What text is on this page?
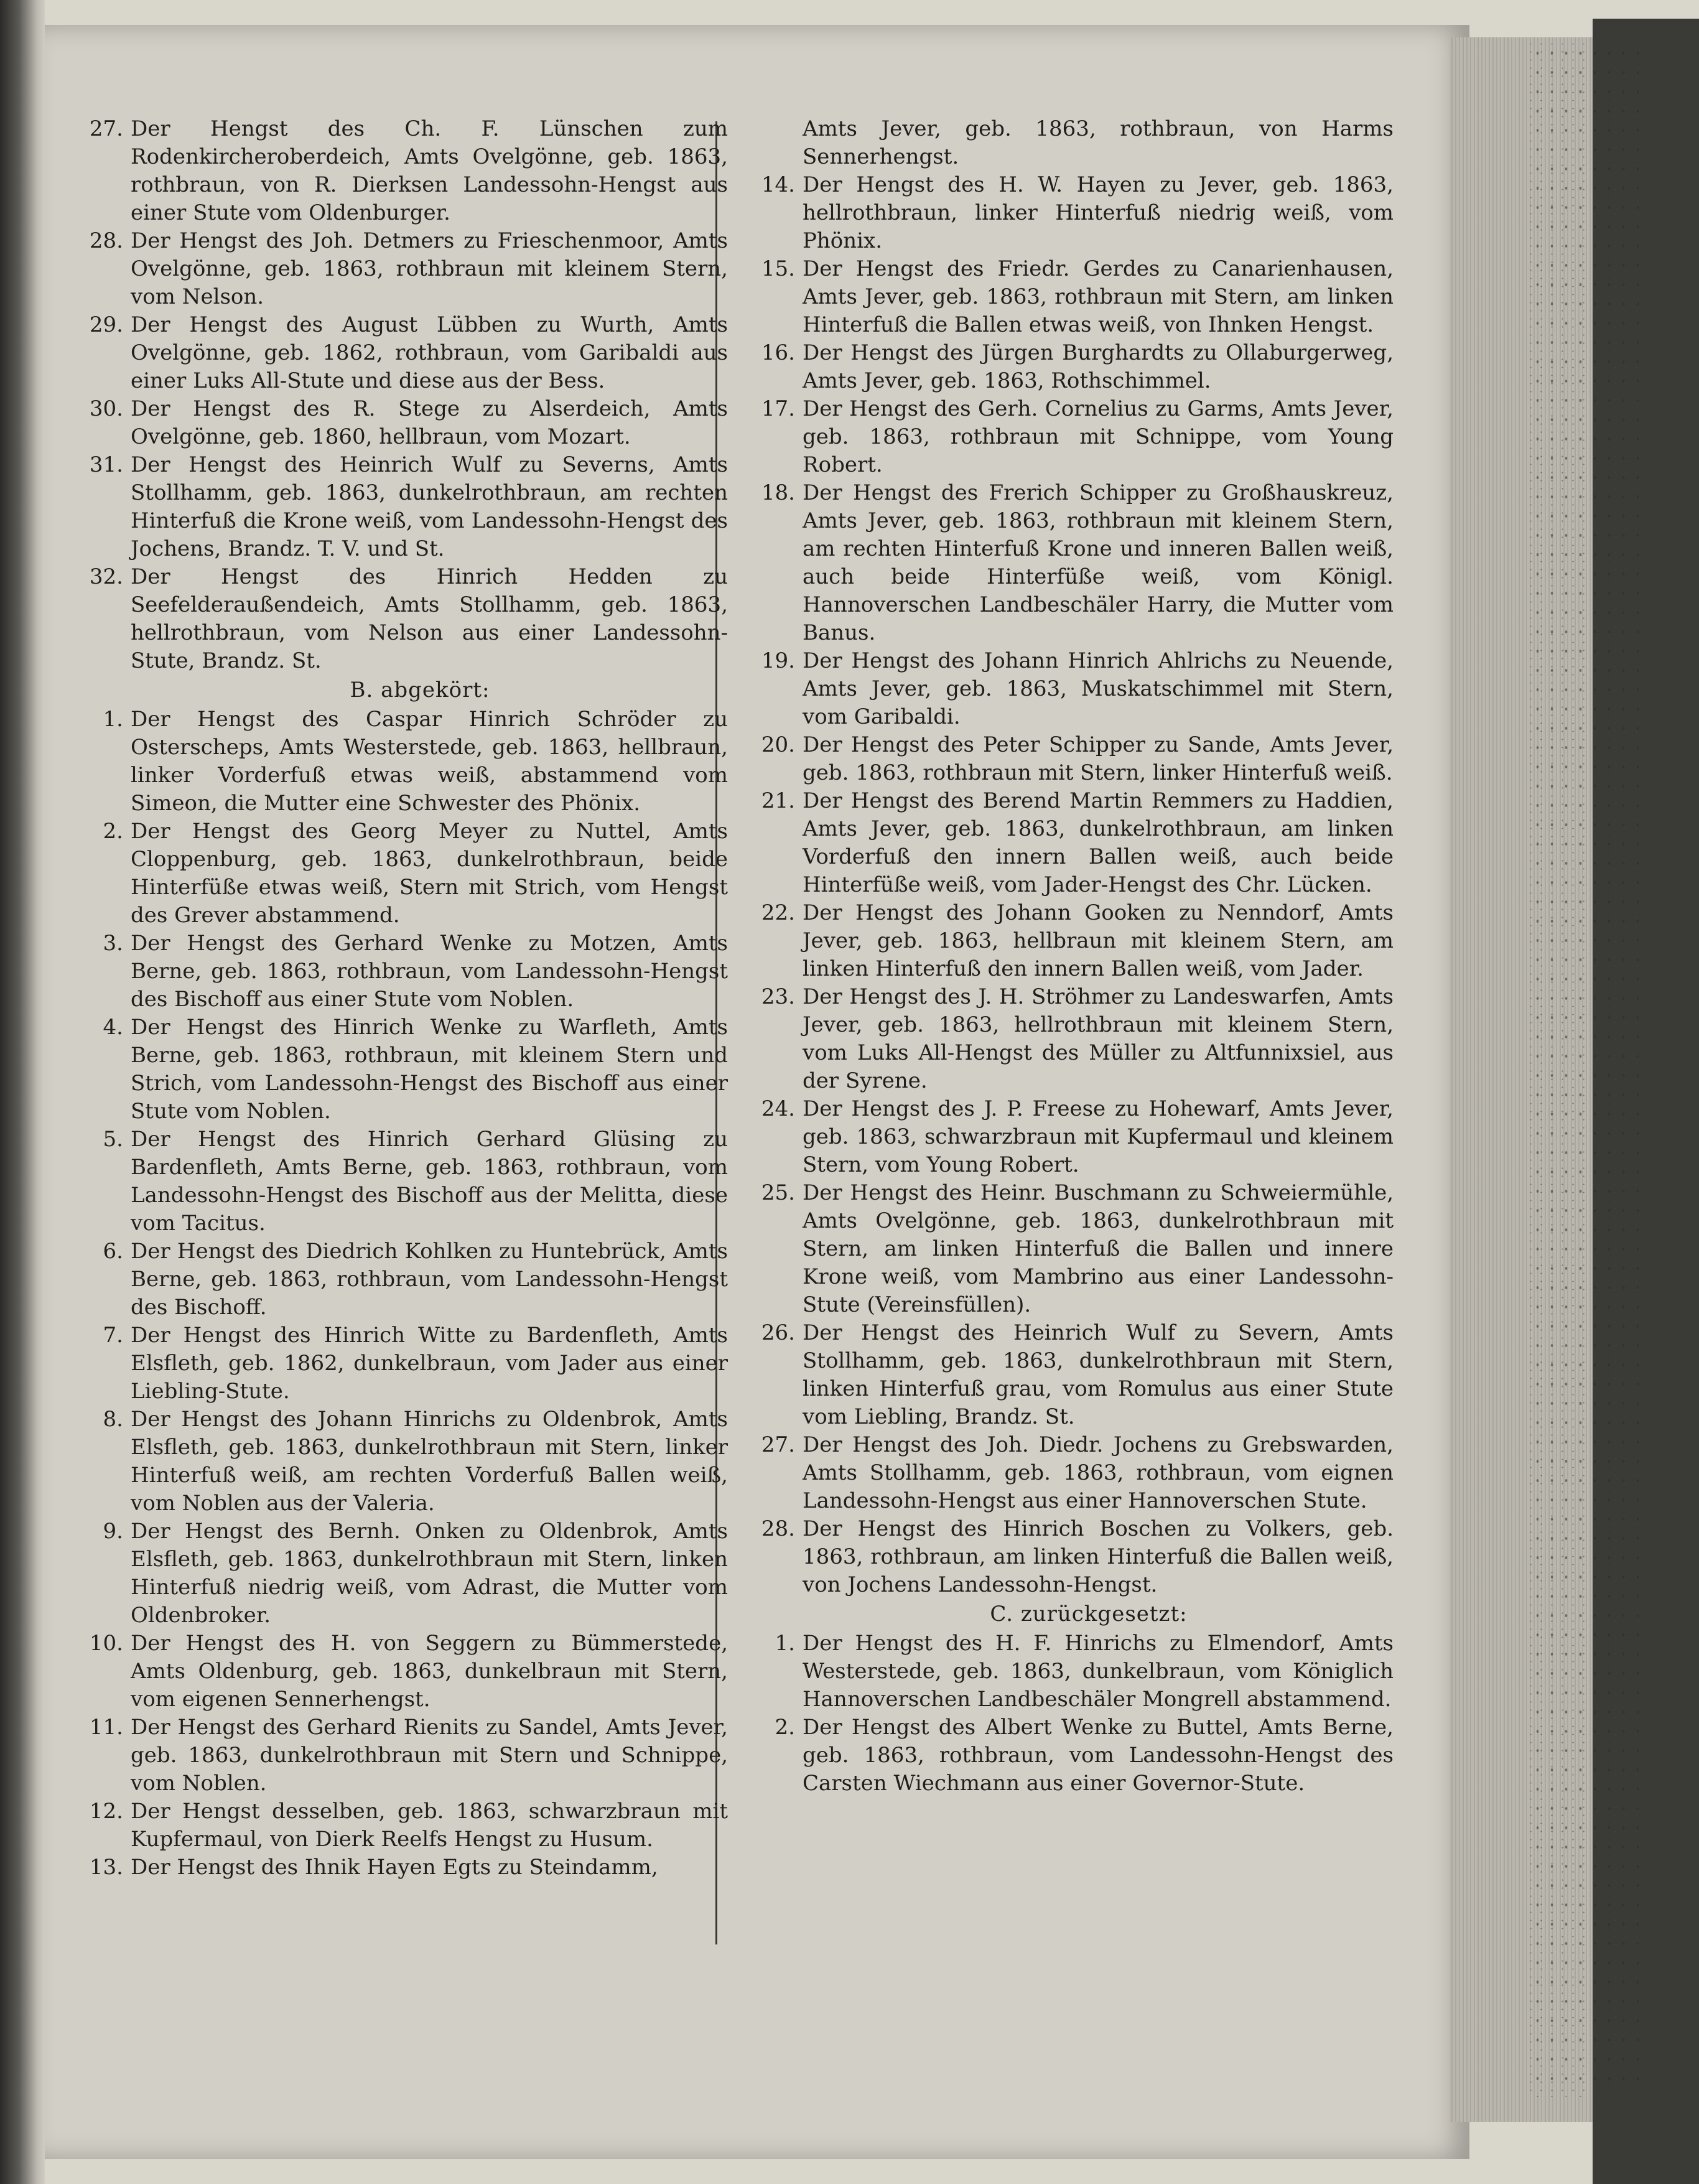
27. Der Hengst des Ch. F. Lünschen zum Rodenkircheroberdeich, Amts Ovelgönne, geb. 1863, rothbraun, von R. Dierksen Landessohn-Hengst aus einer Stute vom Oldenburger.
28. Der Hengst des Joh. Detmers zu Frieschenmoor, Amts Ovelgönne, geb. 1863, rothbraun mit kleinem Stern, vom Nelson.
29. Der Hengst des August Lübben zu Wurth, Amts Ovelgönne, geb. 1862, rothbraun, vom Garibaldi aus einer Luks All-Stute und diese aus der Bess.
30. Der Hengst des R. Stege zu Alserdeich, Amts Ovelgönne, geb. 1860, hellbraun, vom Mozart.
31. Der Hengst des Heinrich Wulf zu Severns, Amts Stollhamm, geb. 1863, dunkelrothbraun, am rechten Hinterfuß die Krone weiß, vom Landessohn-Hengst des Jochens, Brandz. T. V. und St.
32. Der Hengst des Hinrich Hedden zu Seefelderaußendeich, Amts Stollhamm, geb. 1863, hellrothbraun, vom Nelson aus einer Landessohn-Stute, Brandz. St.
B. abgekört:
1. Der Hengst des Caspar Hinrich Schröder zu Osterscheps, Amts Westerstede, geb. 1863, hellbraun, linker Vorderfuß etwas weiß, abstammend vom Simeon, die Mutter eine Schwester des Phönix.
2. Der Hengst des Georg Meyer zu Nuttel, Amts Cloppenburg, geb. 1863, dunkelrothbraun, beide Hinterfüße etwas weiß, Stern mit Strich, vom Hengst des Grever abstammend.
3. Der Hengst des Gerhard Wenke zu Motzen, Amts Berne, geb. 1863, rothbraun, vom Landessohn-Hengst des Bischoff aus einer Stute vom Noblen.
4. Der Hengst des Hinrich Wenke zu Warfleth, Amts Berne, geb. 1863, rothbraun, mit kleinem Stern und Strich, vom Landessohn-Hengst des Bischoff aus einer Stute vom Noblen.
5. Der Hengst des Hinrich Gerhard Glüsing zu Bardenfleth, Amts Berne, geb. 1863, rothbraun, vom Landessohn-Hengst des Bischoff aus der Melitta, diese vom Tacitus.
6. Der Hengst des Diedrich Kohlken zu Huntebrück, Amts Berne, geb. 1863, rothbraun, vom Landessohn-Hengst des Bischoff.
7. Der Hengst des Hinrich Witte zu Bardenfleth, Amts Elsfleth, geb. 1862, dunkelbraun, vom Jader aus einer Liebling-Stute.
8. Der Hengst des Johann Hinrichs zu Oldenbrok, Amts Elsfleth, geb. 1863, dunkelrothbraun mit Stern, linker Hinterfuß weiß, am rechten Vorderfuß Ballen weiß, vom Noblen aus der Valeria.
9. Der Hengst des Bernh. Onken zu Oldenbrok, Amts Elsfleth, geb. 1863, dunkelrothbraun mit Stern, linken Hinterfuß niedrig weiß, vom Adrast, die Mutter vom Oldenbroker.
10. Der Hengst des H. von Seggern zu Bümmerstede, Amts Oldenburg, geb. 1863, dunkelbraun mit Stern, vom eigenen Sennerhengst.
11. Der Hengst des Gerhard Rienits zu Sandel, Amts Jever, geb. 1863, dunkelrothbraun mit Stern und Schnippe, vom Noblen.
12. Der Hengst desselben, geb. 1863, schwarzbraun mit Kupfermaul, von Dierk Reelfs Hengst zu Husum.
13. Der Hengst des Ihnik Hayen Egts zu Steindamm,
Amts Jever, geb. 1863, rothbraun, von Harms Sennerhengst.
14. Der Hengst des H. W. Hayen zu Jever, geb. 1863, hellrothbraun, linker Hinterfuß niedrig weiß, vom Phönix.
15. Der Hengst des Friedr. Gerdes zu Canarienhausen, Amts Jever, geb. 1863, rothbraun mit Stern, am linken Hinterfuß die Ballen etwas weiß, von Ihnken Hengst.
16. Der Hengst des Jürgen Burghardts zu Ollaburgerweg, Amts Jever, geb. 1863, Rothschimmel.
17. Der Hengst des Gerh. Cornelius zu Garms, Amts Jever, geb. 1863, rothbraun mit Schnippe, vom Young Robert.
18. Der Hengst des Frerich Schipper zu Großhauskreuz, Amts Jever, geb. 1863, rothbraun mit kleinem Stern, am rechten Hinterfuß Krone und inneren Ballen weiß, auch beide Hinterfüße weiß, vom Königl. Hannoverschen Landbeschäler Harry, die Mutter vom Banus.
19. Der Hengst des Johann Hinrich Ahlrichs zu Neuende, Amts Jever, geb. 1863, Muskatschimmel mit Stern, vom Garibaldi.
20. Der Hengst des Peter Schipper zu Sande, Amts Jever, geb. 1863, rothbraun mit Stern, linker Hinterfuß weiß.
21. Der Hengst des Berend Martin Remmers zu Haddien, Amts Jever, geb. 1863, dunkelrothbraun, am linken Vorderfuß den innern Ballen weiß, auch beide Hinterfüße weiß, vom Jader-Hengst des Chr. Lücken.
22. Der Hengst des Johann Gooken zu Nenndorf, Amts Jever, geb. 1863, hellbraun mit kleinem Stern, am linken Hinterfuß den innern Ballen weiß, vom Jader.
23. Der Hengst des J. H. Ströhmer zu Landeswarfen, Amts Jever, geb. 1863, hellrothbraun mit kleinem Stern, vom Luks All-Hengst des Müller zu Altfunnixsiel, aus der Syrene.
24. Der Hengst des J. P. Freese zu Hohewarf, Amts Jever, geb. 1863, schwarzbraun mit Kupfermaul und kleinem Stern, vom Young Robert.
25. Der Hengst des Heinr. Buschmann zu Schweiermühle, Amts Ovelgönne, geb. 1863, dunkelrothbraun mit Stern, am linken Hinterfuß die Ballen und innere Krone weiß, vom Mambrino aus einer Landessohn-Stute (Vereinsfüllen).
26. Der Hengst des Heinrich Wulf zu Severn, Amts Stollhamm, geb. 1863, dunkelrothbraun mit Stern, linken Hinterfuß grau, vom Romulus aus einer Stute vom Liebling, Brandz. St.
27. Der Hengst des Joh. Diedr. Jochens zu Grebswarden, Amts Stollhamm, geb. 1863, rothbraun, vom eignen Landessohn-Hengst aus einer Hannoverschen Stute.
28. Der Hengst des Hinrich Boschen zu Volkers, geb. 1863, rothbraun, am linken Hinterfuß die Ballen weiß, von Jochens Landessohn-Hengst.
C. zurückgesetzt:
1. Der Hengst des H. F. Hinrichs zu Elmendorf, Amts Westerstede, geb. 1863, dunkelbraun, vom Königlich Hannoverschen Landbeschäler Mongrell abstammend.
2. Der Hengst des Albert Wenke zu Buttel, Amts Berne, geb. 1863, rothbraun, vom Landessohn-Hengst des Carsten Wiechmann aus einer Governor-Stute.
